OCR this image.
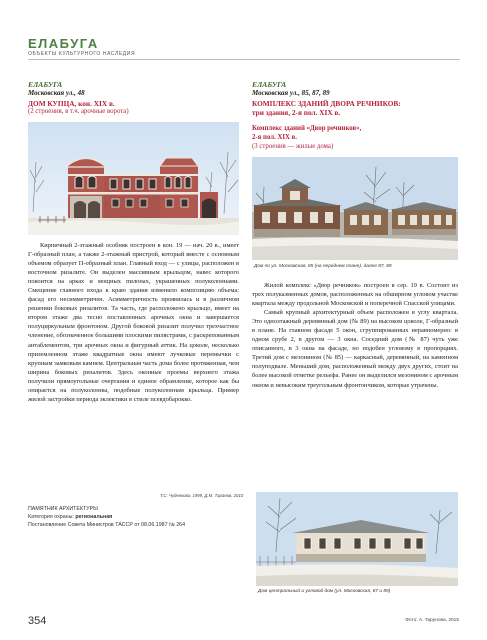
ЕЛАБУГА
ОБЪЕКТЫ КУЛЬТУРНОГО НАСЛЕДИЯ
ЕЛАБУГА
Московская ул., 48
ДОМ КУПЦА, кон. XIX в.
(2 строения, в т.ч. арочные ворота)
ЕЛАБУГА
Московская ул., 85, 87, 89
КОМПЛЕКС ЗДАНИЙ ДВОРА РЕЧНИКОВ:
три здания, 2-я пол. XIX в.
Комплекс зданий «Двор речников»,
2-я пол. XIX в.
(3 строения — жилые дома)
Дом по ул. Московская, 85 (на переднем плане), далее 87, 89

Кирпичный 2-этажный особняк построен в кон. 19 — нач. 20 в., имеет Г-образный план, а также 2-этажный пристрой, который вместе с основным объемом образует П-образный план. Главный вход — с улицы, расположен в восточном ризалите. Он выделен массивным крыльцом, навес которого покоится на арках и мощных пилонах, украшенных полуколоннами. Смещение главного входа к краю здания изменило композицию объема: фасад его несимметричен. Асимметричность проявилась и в различном решении боковых ризалитов. Та часть, где расположено крыльцо, имеет на втором этаже два тесно поставленных арочных окна и завершается полуциркульным фронтоном. Другой боковой ризалит получил трехчастное членение, обозначенное большими плоскими пилястрами, с раскрепованным антаблементом, три арочных окна и фигурный аттик. На цоколе, несколько приземленном этаже квадратные окна имеют лучковые перемычки с крупным замковым камнем. Центральная часть дома более протяженная, чем ширина боковых ризалитов. Здесь оконные проемы верхнего этажа получили прямоугольные очертания и единое обрамление, которое как бы опирается на полуколонны, подобные полуколоннам крыльца. Пример жилой застройки периода эклектики в стиле псевдобарокко.

Т.С. Чуденкова, 1999, Д.М. Таранов, 2010
ПАМЯТНИК АРХИТЕКТУРЫ
Категория охраны: региональная
Постановление Совета Министров ТАССР от 08.06.1987 № 264

Жилой комплекс «Двор речников» построен в сер. 19 в. Состоит из трех полуказменных домов, расположенных на обширном угловом участке квартала между продольной Московской и поперечной Спасской улицами.

Самый крупный архитектурный объем расположен в углу квартала. Это одноэтажный деревянный дом (№ 89) на высоком цоколе, Г-образный в плане. На главном фасаде 5 окон, сгруппированных неравномерно: в одном срубе 2, в другом — 3 окна. Соседний дом (№ 87) чуть уже описанного, в 3 окна на фасаде, но подобен угловому в пропорциях. Третий дом с мезонином (№ 85) — каркасный, деревянный, на каменном полуподвале. Меньший дом, расположенный между двух других, стоит на более высокой отметке рельефа. Ранее он выделился мезонином с арочным окном и невысоким треугольным фронтончиком, которые утрачены.

Дом центральный и угловой дом (ул. Московская, 87 и 89)
354	Фото: А. Тарунова, 2015
